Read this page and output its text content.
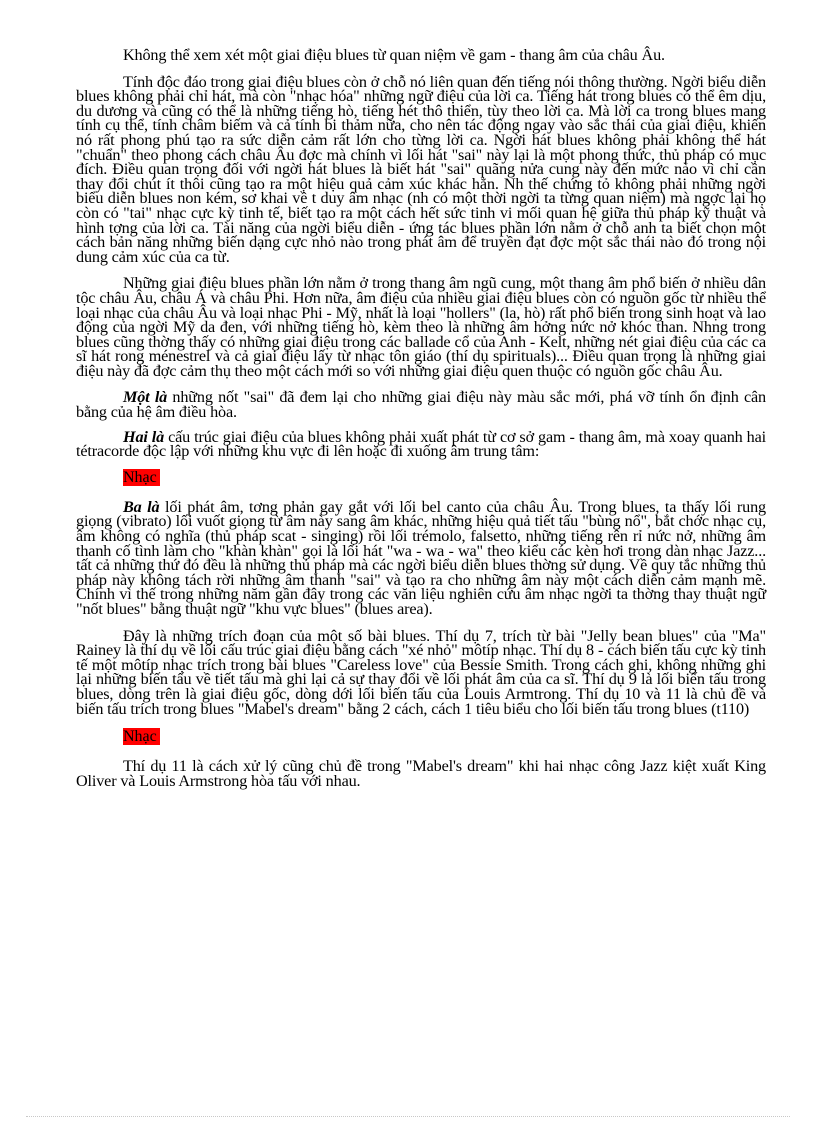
Không thể xem xét một giai điệu blues từ quan niệm về gam - thang âm của châu Âu.

Tính độc đáo trong giai điệu blues còn ở chỗ nó liên quan đến tiếng nói thông thường. Ngời biểu diễn blues không phải chỉ hát, mà còn "nhạc hóa" những ngữ điệu của lời ca. Tiếng hát trong blues có thể êm dịu, du dương và cũng có thể là những tiếng hò, tiếng hét thô thiển, tùy theo lời ca. Mà lời ca trong blues mang tính cụ thể, tính châm biếm và cả tính bi thảm nữa, cho nên tác động ngay vào sắc thái của giai điệu, khiến nó rất phong phú tạo ra sức diễn cảm rất lớn cho từng lời ca. Ngời hát blues không phải không thể hát "chuẩn" theo phong cách châu Âu đợc mà chính vì lối hát "sai" này lại là một phong thức, thủ pháp có mục đích. Điều quan trọng đối với ngời hát blues là biết hát "sai" quãng nửa cung này đến mức nào vì chỉ cần thay đổi chút ít thôi cũng tạo ra một hiệu quả cảm xúc khác hẳn. Nh thế chứng tỏ không phải những ngời biểu diễn blues non kém, sơ khai về t duy âm nhạc (nh có một thời ngời ta từng quan niệm) mà ngợc lại họ còn có "tai" nhạc cực kỳ tinh tế, biết tạo ra một cách hết sức tinh vi mối quan hệ giữa thủ pháp kỹ thuật và hình tợng của lời ca. Tài năng của ngời biểu diễn - ứng tác blues phần lớn nằm ở chỗ anh ta biết chọn một cách bản năng những biến dạng cực nhỏ nào trong phát âm để truyền đạt đợc một sắc thái nào đó trong nội dung cảm xúc của ca từ.

Những giai điệu blues phần lớn nằm ở trong thang âm ngũ cung, một thang âm phổ biến ở nhiều dân tộc châu Âu, châu Á và châu Phi. Hơn nữa, âm điệu của nhiều giai điệu blues còn có nguồn gốc từ nhiều thể loại nhạc của châu Âu và loại nhạc Phi - Mỹ, nhất là loại "hollers" (la, hò) rất phổ biến trong sinh hoạt và lao động của ngời Mỹ da đen, với những tiếng hò, kèm theo là những âm hởng nức nở khóc than. Nhng trong blues cũng thờng thấy có những giai điệu trong các ballade cổ của Anh - Kelt, những nét giai điệu của các ca sĩ hát rong ménestrel và cả giai điệu lấy từ nhạc tôn giáo (thí dụ spirituals)... Điều quan trọng là những giai điệu này đã đợc cảm thụ theo một cách mới so với những giai điệu quen thuộc có nguồn gốc châu Âu.

Một là những nốt "sai" đã đem lại cho những giai điệu này màu sắc mới, phá vỡ tính ổn định cân bằng của hệ âm điều hòa.

Hai là cấu trúc giai điệu của blues không phải xuất phát từ cơ sở gam - thang âm, mà xoay quanh hai tétracorde độc lập với những khu vực đi lên hoặc đi xuống âm trung tâm:

Nhạc

Ba là lối phát âm, tơng phản gay gắt với lối bel canto của châu Âu. Trong blues, ta thấy lối rung giọng (vibrato) lối vuốt giọng từ âm này sang âm khác, những hiệu quả tiết tấu "bùng nổ", bắt chớc nhạc cụ, âm không có nghĩa (thủ pháp scat - singing) rồi lối trémolo, falsetto, những tiếng rên rỉ nức nở, những âm thanh cố tình làm cho "khàn khàn" gọi là lối hát "wa - wa - wa" theo kiểu các kèn hơi trong dàn nhạc Jazz... tất cả những thứ đó đều là những thủ pháp mà các ngời biểu diễn blues thờng sử dụng. Về quy tắc những thủ pháp này không tách rời những âm thanh "sai" và tạo ra cho những âm này một cách diễn cảm mạnh mẽ. Chính vì thế trong những năm gần đây trong các văn liệu nghiên cứu âm nhạc ngời ta thờng thay thuật ngữ "nốt blues" bằng thuật ngữ "khu vực blues" (blues area).

Đây là những trích đoạn của một số bài blues. Thí dụ 7, trích từ bài "Jelly bean blues" của "Ma" Rainey là thí dụ về lối cấu trúc giai điệu bằng cách "xé nhỏ" môtíp nhạc. Thí dụ 8 - cách biến tấu cực kỳ tinh tế một môtíp nhạc trích trong bài blues "Careless love" của Bessie Smith. Trong cách ghi, không những ghi lại những biến tấu về tiết tấu mà ghi lại cả sự thay đổi về lối phát âm của ca sĩ. Thí dụ 9 là lối biến tấu trong blues, dòng trên là giai điệu gốc, dòng dới lối biến tấu của Louis Armtrong. Thí dụ 10 và 11 là chủ đề và biến tấu trích trong blues "Mabel's dream" bằng 2 cách, cách 1 tiêu biểu cho lối biến tấu trong blues (t110)

Nhạc

Thí dụ 11 là cách xử lý cũng chủ đề trong "Mabel's dream" khi hai nhạc công Jazz kiệt xuất King Oliver và Louis Armstrong hòa tấu với nhau.
